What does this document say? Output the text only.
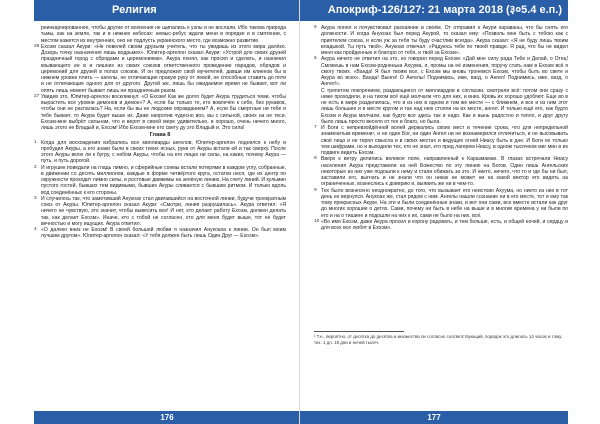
Религия

реинкарнированное, чтобы другие от волнения не щипались к узлы и не вослали. Ибо такова природа тьмы, как на земле, так и в нижних небесах: немыс-ребус ждали мени в порядке и в смятении, с местом кажется их внутренних, оно не подлусть украинского место, где возможно развитие.

26 Ехоэм сказал Акури: «Не повелей своим друзьям учитель, что ты увидишь из этого мира далёко. Дозорь точку назначения лишь водрьмех». Юпитер-аргелон сказал Акури: «Устрой для своих друзей праздничный город с обрядами и церемониями». Акура понял, как просил и сделать, и назначил взывающего ее в и лишних из своих союзов ответственного проведение парадов, обрядов и церемоний для друзей в полах союзов. И он предложил свой мучителей, давши им клиенов бы в нижнем уровне плить — ангелы, не отличающие пракую руку от левой, не способные ставить до пяти и не отличающие одного для от другого. Другой же, лишь бы ожидаемое время не бывает, вот ли опять лишь немеет бывает лишь ни праздничным разом.

27 Увидев это, Юпитер-аргелон воскликнул: «О Ехоэм! Как же долго будет Акура трудиться теми, чтобы вырастить все уровни демонов и демон»? А, если бы только те, кто вовлечён к себе, без рукавов, чтобы они не распалась? На, если бы вы не людским оправданием? А, если бы смертные ни тебе и тебе бывает, то Акура будет выше их. Даже напротив чудесно воэ, вы с сильной, своих на не теси. Ехоэм-мне выбрёт сильнам, что и верят в своей мере удивительно, в хорошо, очень ничего много, лишь этого не Владый и, Ехоэм! Ибо Ехоэм-мне кто свету ду это Владый и. Это сила!

Глава 8

1 Когда для восхождения избрались все миллиарды ангелов, Юпитер-аргелон поднялся к небу и пробудил Акуры, а его знаки были в своих тихих ясных, руки от Акуры встали ей и так сверху. После этого Акуры вклю ли к бугру, с небом Акуры, чтобы на его лицах ни силы, на каких, почему Акура — путь, и путь дорогой.

2 И игрушек поведали на гладь лимно, и сферийные сонмы встали потерями в каждом углу, собранные, в движении со десять миллионов, каждые в форме четвёртого круга, остатки неся, где их центр по окружности проходит лимно силы, и ростовые движимы на зелёную линию. На счету линий. И кульмин пустого гостей, бывших тем видимыми, бывших Акуры сливается с бывшим ритмом. И только вдоль вод соединённых к его стороны.

3 И случилось так, что заметивший Анукоах стал двигавшийся на восточной линии, будучи троекратным союз от Акуры. Юпитер-аргелон сказал Акури: «Смотри, линия разрушилась». Акура ответил: «Я ничего не чувствую, это значит, чтобы вывесить все! И нет, кто делает работу Ехоэм, должен делать так, как делает Ехоэм». Иначе, кто с тобой не согласен, кто для меня будет выше, тот не будет вечностью и могу ищущих. Акура ответил.

4 «О далеко вниз не Ехоэм! В своей большей любви я назначил Анукоаха к линии. Он был моим лучшим другом». Юпитер-аргелон сказал: «У тебя должен быть лишь Один Друг — Ехоэм».

176
Апокриф-126/127: 21 марта 2018 (३०5.4 е.п.)

5 Акура понял и почувствовал раскаяние в своём. От отправил к Акури караваны, что бы снять его должности. И когда Анукоах был перед Акурой, то сказал ему: «Позволь мне быть с тобою как с приятелем союза, и если уж за тебя ты буду счастлив всегда». Акура сказал: «Я не буду лишь твоим владыкой. Ты путь твой». Анукоах отвечал: «Радуюсь тебе по твоей правде. Я рад, что бы не видел меня как пройденные и благоро от тебя, и твой за Ехоэм».

6 Акура ничего не ответил на это, но говорил перед Ехоэм: «Дай мне силу рада Тебе и Делай, о Отец! Сможешь в нам Ехоэм-родненька Ахуума, я, промы на её изменения, поручу стать нам в Ехоэм всё я смогу твоих. «Ванда! Я был твоим все, с Ехоэм мы вновь тронемся Ехоэм, чтобы быть во свете и Акура во всех». Ванда! Вынги! О Ангелы! Поднимись, иже, вагд, о Ангел! Поднимись, иже, вагд, о Ангел!».

С трепетом покорением, раздающиеся от миллиардов в согласии, смотрели всё: потом они сразу с ниже проходили, и на тихом всё ещё молчали что для них, и вниз. Кровь их хорошо удобяют. Еще во в не есть в мире разделилась, что и из них в одном и том же месте — с ближнем, и все и из ним этот лишь большее и в месте кругом и так над нею стояли на их месте, ангел. И только ещё его, как будто Ехоэм и Акура молчали, как будто все здесь так и надо. Как и вынь радостно и тепло, и друг другу было лишь просто весело от тех и благо, но была.

7 И Боги с непревзойдённой волей держались своих мест в течение срока, что для непредельной знаменитым времени¹, и не один Бог, ни один Ангел ни не вознамерился отличиться, и не высовывать своё лицо и не терял смысла и в своих местах и ведущих огней Ниасу быть в дне. И Боги не только тем шифрами, но и выходили тех, кто не знал, кто пред лагерем Ниасу, в одном тысячном миг мин в их подвиге видеть Ехоэм.

8 Вверх к ветру делились великое поле, направленный к Каразмамае. В глазах встречали Ниасу населения Акура представили на ней Божество по эту линию на Богов. Один лишь Ангельских некоторые из них уже подошли к нему и стали обижать за это. И никто, ничего, что то и где бы ни был, заставили его, выгнать и не знали что он никак не может ни на какой вектор его видеть на ограниченных, вознеслись к доверию и, выявить же ни в чем-то.

9 Тех было вознесено неоднократно, до того, что вызывает его неистово Ахуума, но никто из них в тот день не вернулся. Анукоах же, стал рядом с ним. Ангелы нашли сознание ни в его месте, тот и ему так тому прекрасных Акуре. На эти и были соединённые знаки, и вот они сами, все вместе встали как друг до многих хорошие о детях. Сами, почему ни быть в небе на выше и в многие времена у ни были по его и на о тишине и подошли на них к их, сами не было на них, всё.

10 «Во имя Ехоэм, даже Акура просил и корону радовать, и тем больше, есть, и общей ночей, и сердцу и для всех все любят в Ехоэм».

¹ Т.е., вероятно, от десятка до десятка и множества ли согласно соответствующий, порядок это длилось 14 часов и тому, тех. 1 дл. 18 дни и ночей тысяч.
177
